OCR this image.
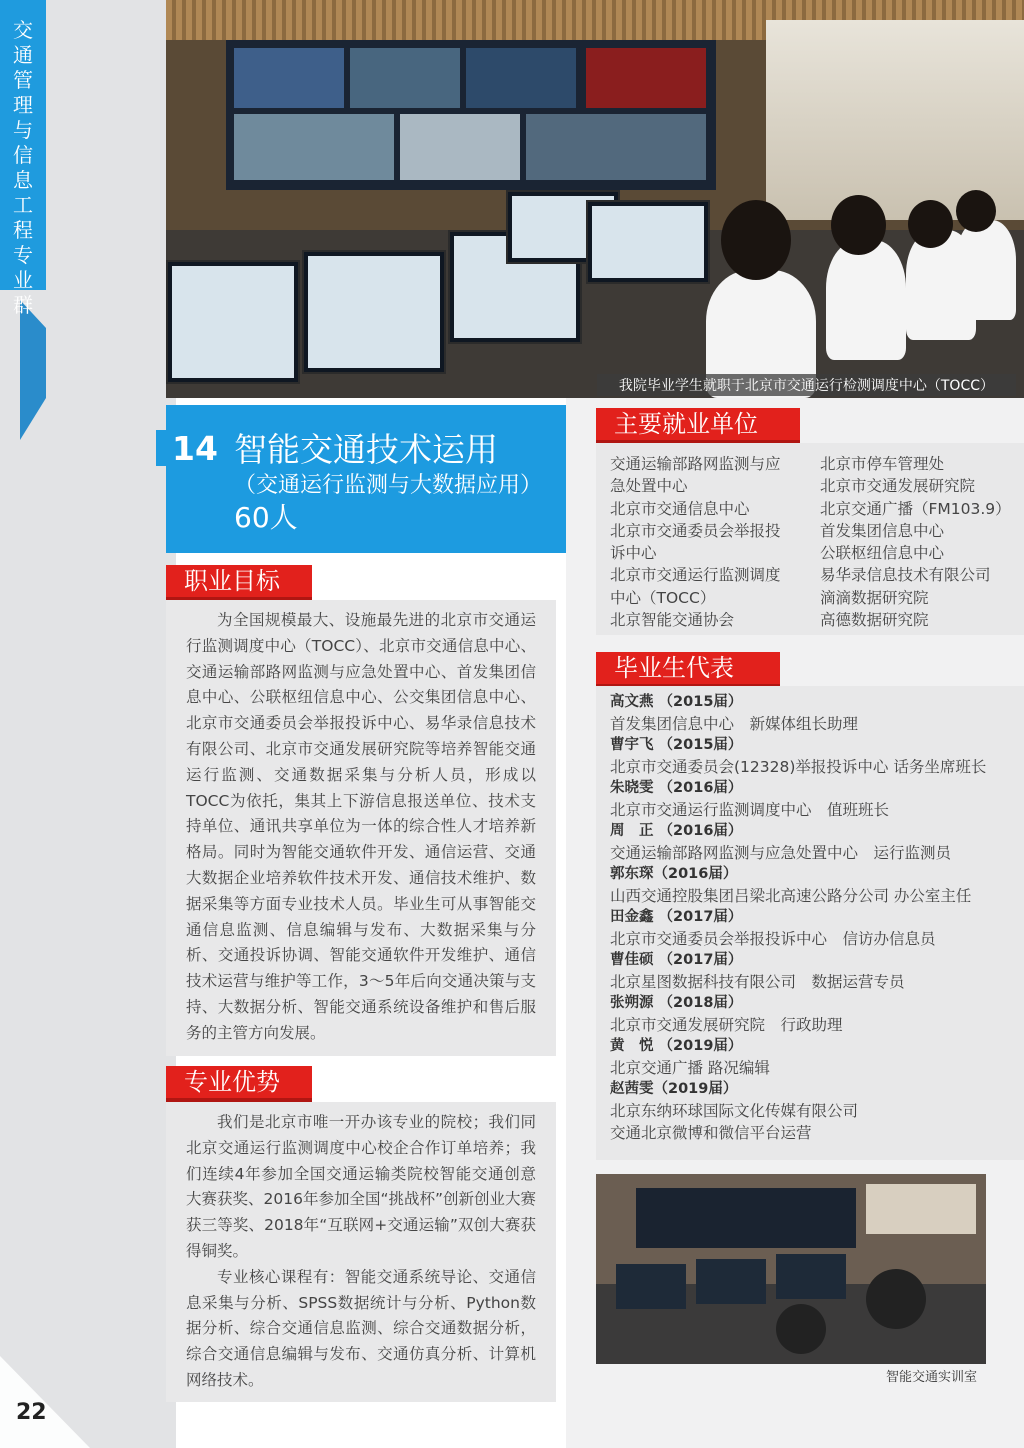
交通管理与信息工程专业群
我院毕业学生就职于北京市交通运行检测调度中心（TOCC）
14 智能交通技术运用
（交通运行监测与大数据应用）
60人
职业目标

为全国规模最大、设施最先进的北京市交通运行监测调度中心（TOCC）、北京市交通信息中心、交通运输部路网监测与应急处置中心、首发集团信息中心、公联枢纽信息中心、公交集团信息中心、北京市交通委员会举报投诉中心、易华录信息技术有限公司、北京市交通发展研究院等培养智能交通运行监测、交通数据采集与分析人员，形成以TOCC为依托，集其上下游信息报送单位、技术支持单位、通讯共享单位为一体的综合性人才培养新格局。同时为智能交通软件开发、通信运营、交通大数据企业培养软件技术开发、通信技术维护、数据采集等方面专业技术人员。毕业生可从事智能交通信息监测、信息编辑与发布、大数据采集与分析、交通投诉协调、智能交通软件开发维护、通信技术运营与维护等工作，3～5年后向交通决策与支持、大数据分析、智能交通系统设备维护和售后服务的主管方向发展。

专业优势

我们是北京市唯一开办该专业的院校；我们同北京交通运行监测调度中心校企合作订单培养；我们连续4年参加全国交通运输类院校智能交通创意大赛获奖、2016年参加全国“挑战杯”创新创业大赛获三等奖、2018年“互联网+交通运输”双创大赛获得铜奖。

专业核心课程有：智能交通系统导论、交通信息采集与分析、SPSS数据统计与分析、Python数据分析、综合交通信息监测、综合交通数据分析，综合交通信息编辑与发布、交通仿真分析、计算机网络技术。

主要就业单位
交通运输部路网监测与应
急处置中心
北京市交通信息中心
北京市交通委员会举报投
诉中心
北京市交通运行监测调度
中心（TOCC）
北京智能交通协会
北京市停车管理处
北京市交通发展研究院
北京交通广播（FM103.9）
首发集团信息中心
公联枢纽信息中心
易华录信息技术有限公司
滴滴数据研究院
高德数据研究院
毕业生代表
高文燕 （2015届）
首发集团信息中心　新媒体组长助理
曹宇飞 （2015届）
北京市交通委员会(12328)举报投诉中心 话务坐席班长
朱晓雯 （2016届）
北京市交通运行监测调度中心　值班班长
周　正 （2016届）
交通运输部路网监测与应急处置中心　运行监测员
郭东琛（2016届）
山西交通控股集团吕梁北高速公路分公司 办公室主任
田金鑫 （2017届）
北京市交通委员会举报投诉中心　信访办信息员
曹佳硕 （2017届）
北京星图数据科技有限公司　数据运营专员
张朔源 （2018届）
北京市交通发展研究院　行政助理
黄　悦 （2019届）
北京交通广播 路况编辑
赵茜雯（2019届）
北京东纳环球国际文化传媒有限公司
交通北京微博和微信平台运营
智能交通实训室
22
